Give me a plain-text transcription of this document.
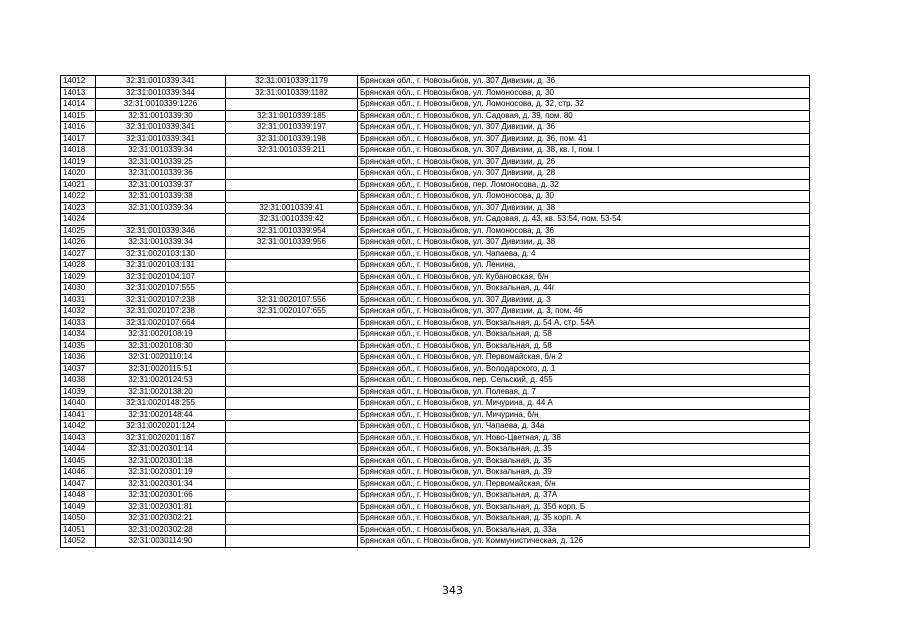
14012	32:31:0010339:341	32:31:0010339:1179	Брянская обл., г. Новозыбков, ул. 307 Дивизии, д. 36
14013	32:31:0010339:344	32:31:0010339:1182	Брянская обл., г. Новозыбков, ул. Ломоносова, д. 30
14014	32:31:0010339:1226		Брянская обл., г. Новозыбков, ул. Ломоносова, д. 32, стр. 32
14015	32:31:0010339:30	32:31:0010339:185	Брянская обл., г. Новозыбков, ул. Садовая, д. 39, пом. 80
14016	32:31:0010339:341	32:31:0010339:197	Брянская обл., г. Новозыбков, ул. 307 Дивизии, д. 36
14017	32:31:0010339:341	32:31:0010339:198	Брянская обл., г. Новозыбков, ул. 307 Дивизии, д. 36, пом. 41
14018	32:31:0010339:34	32:31:0010339:211	Брянская обл., г. Новозыбков, ул. 307 Дивизии, д. 38, кв. I, пом. I
14019	32:31:0010339:25		Брянская обл., г. Новозыбков, ул. 307 Дивизии, д. 26
14020	32:31:0010339:36		Брянская обл., г. Новозыбков, ул. 307 Дивизии, д. 28
14021	32:31:0010339:37		Брянская обл., г. Новозыбков, пер. Ломоносова, д. 32
14022	32:31:0010339:38		Брянская обл., г. Новозыбков, ул. Ломоносова, д. 30
14023	32:31:0010339:34	32:31:0010339:41	Брянская обл., г. Новозыбков, ул. 307 Дивизии, д. 38
14024		32:31:0010339:42	Брянская обл., г. Новозыбков, ул. Садовая, д. 43, кв. 53:54, пом. 53-54
14025	32:31:0010339:346	32:31:0010339:954	Брянская обл., г. Новозыбков, ул. Ломоносова, д. 36
14026	32:31:0010339:34	32:31:0010339:956	Брянская обл., г. Новозыбков, ул. 307 Дивизии, д. 38
14027	32:31:0020103:130		Брянская обл., г. Новозыбков, ул. Чапаева, д. 4
14028	32:31:0020103:131		Брянская обл., г. Новозыбков, ул. Ленина,
14029	32:31:0020104:107		Брянская обл., г. Новозыбков, ул. Кубановская, б/н
14030	32:31:0020107:555		Брянская обл., г. Новозыбков, ул. Вокзальная, д. 44г
14031	32:31:0020107:238	32:31:0020107:556	Брянская обл., г. Новозыбков, ул. 307 Дивизии, д. 3
14032	32:31:0020107:238	32:31:0020107:655	Брянская обл., г. Новозыбков, ул. 307 Дивизии, д. 3, пом. 46
14033	32:31:0020107:664		Брянская обл., г. Новозыбков, ул. Вокзальная, д. 54 А, стр. 54А
14034	32:31:0020108:19		Брянская обл., г. Новозыбков, ул. Вокзальная, д. 58
14035	32:31:0020108:30		Брянская обл., г. Новозыбков, ул. Вокзальная, д. 58
14036	32:31:0020110:14		Брянская обл., г. Новозыбков, ул. Первомайская, б/н 2
14037	32:31:0020115:51		Брянская обл., г. Новозыбков, ул. Володарского, д. 1
14038	32:31:0020124:53		Брянская обл., г. Новозыбков, пер. Сельский, д. 455
14039	32:31:0020138:20		Брянская обл., г. Новозыбков, ул. Полевая, д. 7
14040	32:31:0020148:255		Брянская обл., г. Новозыбков, ул. Мичурина, д. 44 А
14041	32:31:0020148:44		Брянская обл., г. Новозыбков, ул. Мичурина, б/н
14042	32:31:0020201:124		Брянская обл., г. Новозыбков, ул. Чапаева, д. 34а
14043	32:31:0020201:167		Брянская обл., г. Новозыбков, ул. Ново-Цветная, д. 38
14044	32:31:0020301:14		Брянская обл., г. Новозыбков, ул. Вокзальная, д. 35
14045	32:31:0020301:18		Брянская обл., г. Новозыбков, ул. Вокзальная, д. 35
14046	32:31:0020301:19		Брянская обл., г. Новозыбков, ул. Вокзальная, д. 39
14047	32:31:0020301:34		Брянская обл., г. Новозыбков, ул. Первомайская, б/н
14048	32:31:0020301:66		Брянская обл., г. Новозыбков, ул. Вокзальная, д. 37А
14049	32:31:0020301:81		Брянская обл., г. Новозыбков, ул. Вокзальная, д. 35б корп. Б
14050	32:31:0020302:21		Брянская обл., г. Новозыбков, ул. Вокзальная, д. 35 корп. А
14051	32:31:0020302:28		Брянская обл., г. Новозыбков, ул. Вокзальная, д. 33а
14052	32:31:0030114:90		Брянская обл., г. Новозыбков, ул. Коммунистическая, д. 126
343
